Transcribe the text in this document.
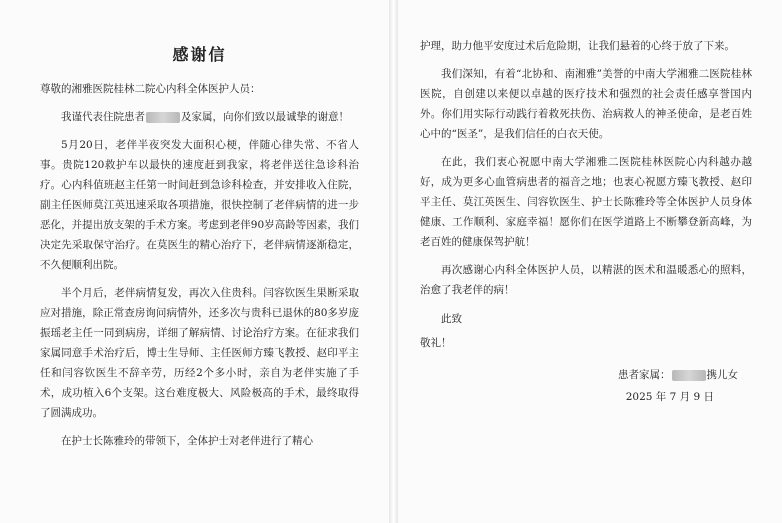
感谢信

尊敬的湘雅医院桂林二院心内科全体医护人员：

我谨代表住院患者	及家属，向你们致以最诚挚的谢意！

5月20日，老伴半夜突发大面积心梗，伴随心律失常、不省人事。贵院120救护车以最快的速度赶到我家，将老伴送往急诊科治疗。心内科值班赵主任第一时间赶到急诊科检查，并安排收入住院，副主任医师莫江英迅速采取各项措施，很快控制了老伴病情的进一步恶化，并提出放支架的手术方案。考虑到老伴90岁高龄等因素，我们决定先采取保守治疗。在莫医生的精心治疗下，老伴病情逐渐稳定，不久便顺利出院。

半个月后，老伴病情复发，再次入住贵科。闫容钦医生果断采取应对措施，除正常查房询问病情外，还多次与贵科已退休的80多岁庞振瑶老主任一同到病房，详细了解病情、讨论治疗方案。在征求我们家属同意手术治疗后，博士生导师、主任医师方臻飞教授、赵印平主任和闫容钦医生不辞辛劳，历经2个多小时，亲自为老伴实施了手术，成功植入6个支架。这台难度极大、风险极高的手术，最终取得了圆满成功。

在护士长陈雅玲的带领下，全体护士对老伴进行了精心

护理，助力他平安度过术后危险期，让我们悬着的心终于放了下来。

我们深知，有着“北协和、南湘雅”美誉的中南大学湘雅二医院桂林医院，自创建以来便以卓越的医疗技术和强烈的社会责任感享誉国内外。你们用实际行动践行着救死扶伤、治病救人的神圣使命，是老百姓心中的“医圣”，是我们信任的白衣天使。

在此，我们衷心祝愿中南大学湘雅二医院桂林医院心内科越办越好，成为更多心血管病患者的福音之地；也衷心祝愿方臻飞教授、赵印平主任、莫江英医生、闫容钦医生、护士长陈雅玲等全体医护人员身体健康、工作顺利、家庭幸福！愿你们在医学道路上不断攀登新高峰，为老百姓的健康保驾护航！

再次感谢心内科全体医护人员，以精湛的医术和温暖悉心的照料，治愈了我老伴的病！

此致
敬礼！

患者家属：	携儿女

2025 年 7 月 9 日
